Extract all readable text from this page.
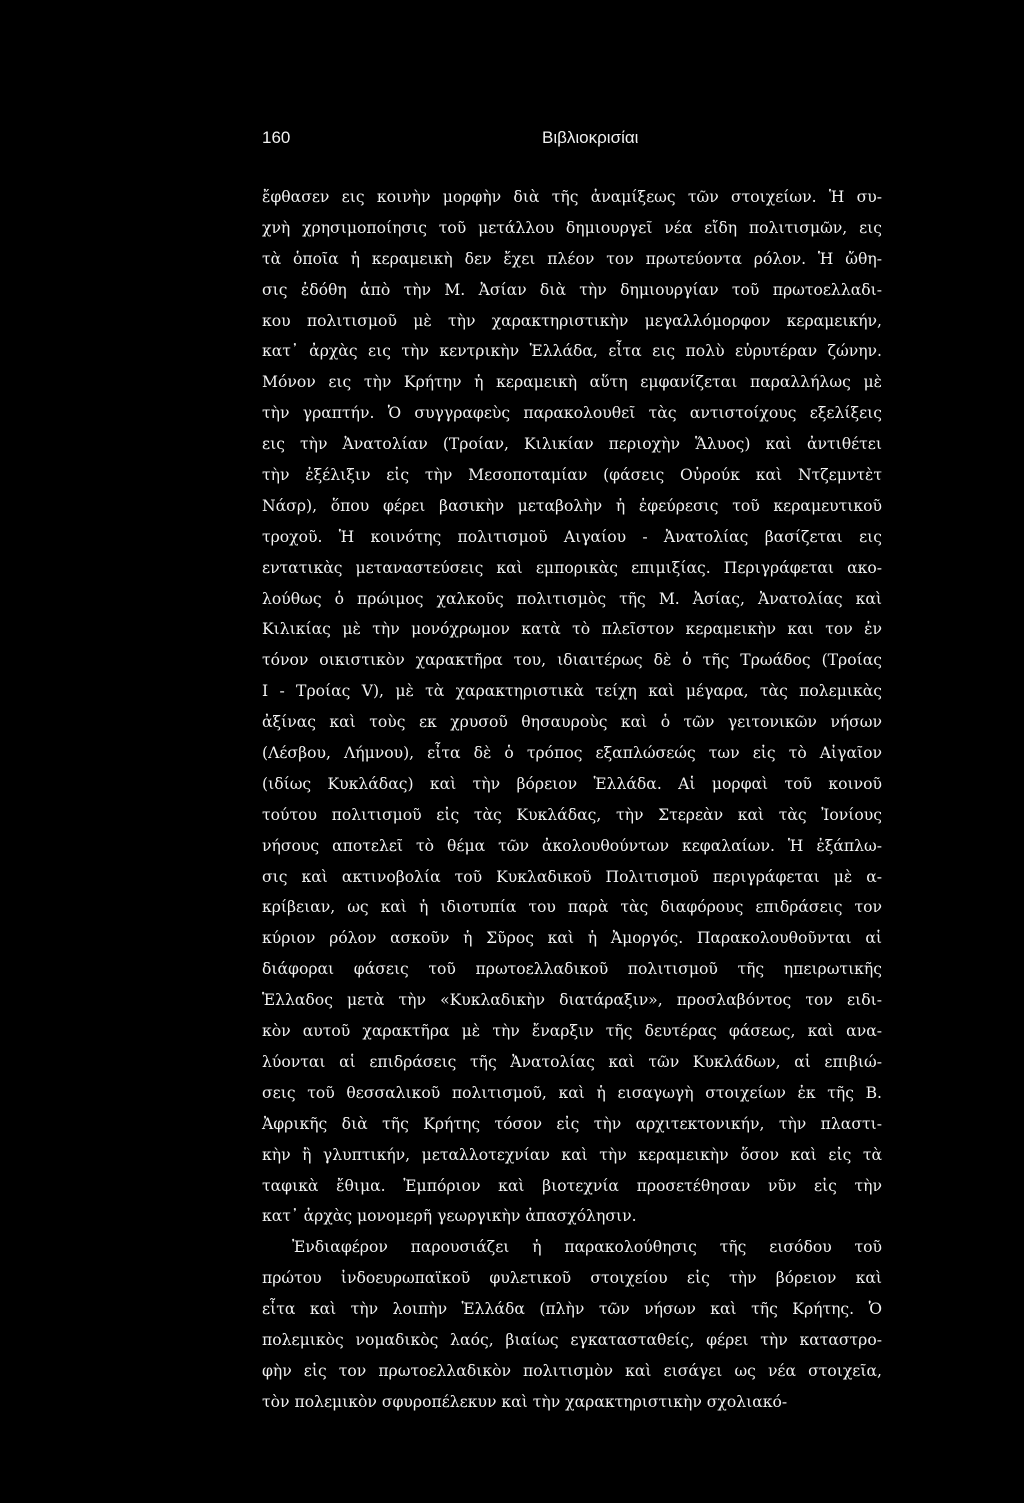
160	Βιβλιοκρισίαι
ἔφθασεν εις κοινὴν μορφὴν διὰ τῆς ἀναμίξεως τῶν στοιχείων. Ἡ συ-
χνὴ χρησιμοποίησις τοῦ μετάλλου δημιουργεῖ νέα εἴδη πολιτισμῶν, εις
τὰ ὁποῖα ἡ κεραμεικὴ δεν ἔχει πλέον τον πρωτεύοντα ρόλον. Ἡ ὤθη-
σις ἐδόθη ἀπὸ τὴν Μ. Ἀσίαν διὰ τὴν δημιουργίαν τοῦ πρωτοελλαδι-
κου πολιτισμοῦ μὲ τὴν χαρακτηριστικὴν μεγαλλόμορφον κεραμεικήν,
κατ᾿ ἀρχὰς εις τὴν κεντρικὴν Ἑλλάδα, εἶτα εις πολὺ εὐρυτέραν ζώνην.
Μόνον εις τὴν Κρήτην ἡ κεραμεικὴ αὕτη εμφανίζεται παραλλήλως μὲ
τὴν γραπτήν. Ὁ συγγραφεὺς παρακολουθεῖ τὰς αντιστοίχους εξελίξεις
εις τὴν Ἀνατολίαν (Τροίαν, Κιλικίαν περιοχὴν Ἅλυος) καὶ ἀντιθέτει
τὴν ἐξέλιξιν εἰς τὴν Μεσοποταμίαν (φάσεις Οὐρούκ καὶ Ντζεμντὲτ
Νάσρ), ὅπου φέρει βασικὴν μεταβολὴν ἡ ἐφεύρεσις τοῦ κεραμευτικοῦ
τροχοῦ. Ἡ κοινότης πολιτισμοῦ Αιγαίου - Ἀνατολίας βασίζεται εις
εντατικὰς μεταναστεύσεις καὶ εμπορικὰς επιμιξίας. Περιγράφεται ακο-
λούθως ὁ πρώιμος χαλκοῦς πολιτισμὸς τῆς Μ. Ἀσίας, Ἀνατολίας καὶ
Κιλικίας μὲ τὴν μονόχρωμον κατὰ τὸ πλεῖστον κεραμεικὴν και τον ἐν
τόνον οικιστικὸν χαρακτῆρα του, ιδιαιτέρως δὲ ὁ τῆς Τρωάδος (Τροίας
Ι - Τροίας V), μὲ τὰ χαρακτηριστικὰ τείχη καὶ μέγαρα, τὰς πολεμικὰς
ἀξίνας καὶ τοὺς εκ χρυσοῦ θησαυροὺς καὶ ὁ τῶν γειτονικῶν νήσων
(Λέσβου, Λήμνου), εἶτα δὲ ὁ τρόπος εξαπλώσεώς των εἰς τὸ Αἰγαῖον
(ιδίως Κυκλάδας) καὶ τὴν βόρειον Ἑλλάδα. Αἱ μορφαὶ τοῦ κοινοῦ
τούτου πολιτισμοῦ εἰς τὰς Κυκλάδας, τὴν Στερεὰν καὶ τὰς Ἰονίους
νήσους αποτελεῖ τὸ θέμα τῶν ἀκολουθούντων κεφαλαίων. Ἡ ἐξάπλω-
σις καὶ ακτινοβολία τοῦ Κυκλαδικοῦ Πολιτισμοῦ περιγράφεται μὲ α-
κρίβειαν, ως καὶ ἡ ιδιοτυπία του παρὰ τὰς διαφόρους επιδράσεις τον
κύριον ρόλον ασκοῦν ἡ Σῦρος καὶ ἡ Ἀμοργός. Παρακολουθοῦνται αἱ
διάφοραι φάσεις τοῦ πρωτοελλαδικοῦ πολιτισμοῦ τῆς ηπειρωτικῆς
Ἑλλαδος μετὰ τὴν «Κυκλαδικὴν διατάραξιν», προσλαβόντος τον ειδι-
κὸν αυτοῦ χαρακτῆρα μὲ τὴν ἔναρξιν τῆς δευτέρας φάσεως, καὶ ανα-
λύονται αἱ επιδράσεις τῆς Ἀνατολίας καὶ τῶν Κυκλάδων, αἱ επιβιώ-
σεις τοῦ θεσσαλικοῦ πολιτισμοῦ, καὶ ἡ εισαγωγὴ στοιχείων ἐκ τῆς Β.
Ἀφρικῆς διὰ τῆς Κρήτης τόσον εἰς τὴν αρχιτεκτονικήν, τὴν πλαστι-
κὴν ἢ γλυπτικήν, μεταλλοτεχνίαν καὶ τὴν κεραμεικὴν ὅσον καὶ εἰς τὰ
ταφικὰ ἔθιμα. Ἐμπόριον καὶ βιοτεχνία προσετέθησαν νῦν εἰς τὴν
κατ᾿ ἀρχὰς μονομερῆ γεωργικὴν ἀπασχόλησιν.
Ἐνδιαφέρον παρουσιάζει ἡ παρακολούθησις τῆς εισόδου τοῦ
πρώτου ἰνδοευρωπαϊκοῦ φυλετικοῦ στοιχείου εἰς τὴν βόρειον καὶ
εἶτα καὶ τὴν λοιπὴν Ἑλλάδα (πλὴν τῶν νήσων καὶ τῆς Κρήτης. Ὁ
πολεμικὸς νομαδικὸς λαός, βιαίως εγκατασταθείς, φέρει τὴν καταστρο-
φὴν εἰς τον πρωτοελλαδικὸν πολιτισμὸν καὶ εισάγει ως νέα στοιχεῖα,
τὸν πολεμικὸν σφυροπέλεκυν καὶ τὴν χαρακτηριστικὴν σχολιακό-
